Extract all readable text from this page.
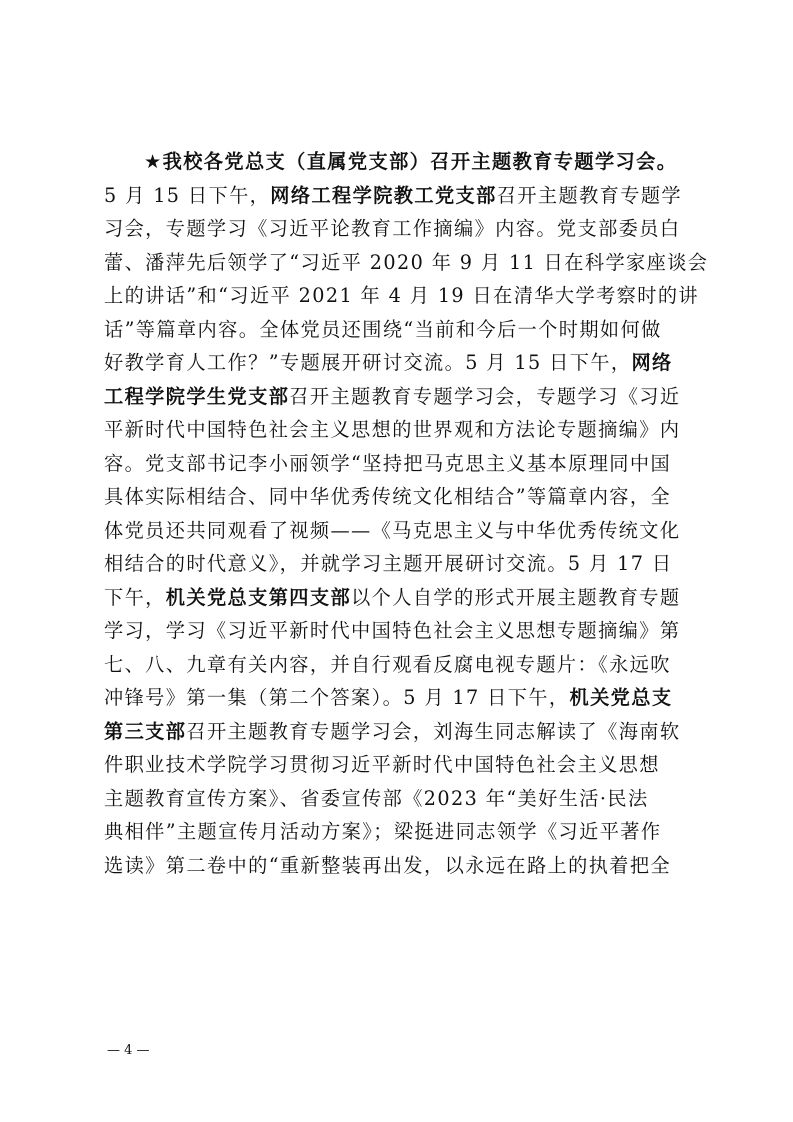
★我校各党总支（直属党支部）召开主题教育专题学习会。
5 月 15 日下午，网络工程学院教工党支部召开主题教育专题学
习会，专题学习《习近平论教育工作摘编》内容。党支部委员白
蕾、潘萍先后领学了“习近平 2020 年 9 月 11 日在科学家座谈会
上的讲话”和“习近平 2021 年 4 月 19 日在清华大学考察时的讲
话”等篇章内容。全体党员还围绕“当前和今后一个时期如何做
好教学育人工作？”专题展开研讨交流。5 月 15 日下午，网络
工程学院学生党支部召开主题教育专题学习会，专题学习《习近
平新时代中国特色社会主义思想的世界观和方法论专题摘编》内
容。党支部书记李小丽领学“坚持把马克思主义基本原理同中国
具体实际相结合、同中华优秀传统文化相结合”等篇章内容，全
体党员还共同观看了视频——《马克思主义与中华优秀传统文化
相结合的时代意义》，并就学习主题开展研讨交流。5 月 17 日
下午，机关党总支第四支部以个人自学的形式开展主题教育专题
学习，学习《习近平新时代中国特色社会主义思想专题摘编》第
七、八、九章有关内容，并自行观看反腐电视专题片：《永远吹
冲锋号》第一集（第二个答案）。5 月 17 日下午，机关党总支
第三支部召开主题教育专题学习会，刘海生同志解读了《海南软
件职业技术学院学习贯彻习近平新时代中国特色社会主义思想
主题教育宣传方案》、省委宣传部《2023 年“美好生活·民法
典相伴”主题宣传月活动方案》；梁挺进同志领学《习近平著作
选读》第二卷中的“重新整装再出发，以永远在路上的执着把全
— 4 —
